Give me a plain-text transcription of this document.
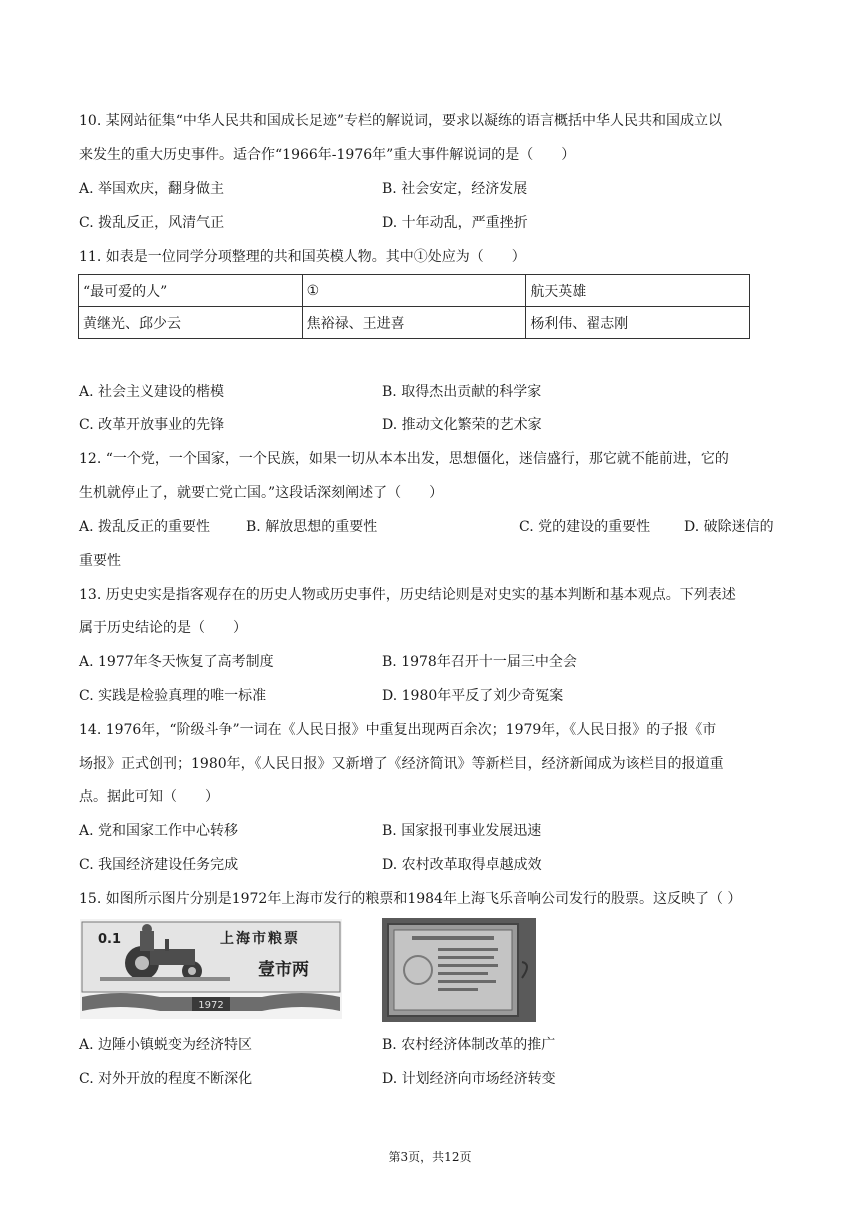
10. 某网站征集“中华人民共和国成长足迹”专栏的解说词，要求以凝练的语言概括中华人民共和国成立以
来发生的重大历史事件。适合作“1966年-1976年”重大事件解说词的是（　　）
A. 举国欢庆，翻身做主	B. 社会安定，经济发展
C. 拨乱反正，风清气正	D. 十年动乱，严重挫折
11. 如表是一位同学分项整理的共和国英模人物。其中①处应为（　　）
“最可爱的人”	①	航天英雄
黄继光、邱少云	焦裕禄、王进喜	杨利伟、翟志刚
A. 社会主义建设的楷模	B. 取得杰出贡献的科学家
C. 改革开放事业的先锋	D. 推动文化繁荣的艺术家
12. “一个党，一个国家，一个民族，如果一切从本本出发，思想僵化，迷信盛行，那它就不能前进，它的
生机就停止了，就要亡党亡国。”这段话深刻阐述了（　　）
A. 拨乱反正的重要性	B. 解放思想的重要性	C. 党的建设的重要性 D. 破除迷信的
重要性
13. 历史史实是指客观存在的历史人物或历史事件，历史结论则是对史实的基本判断和基本观点。下列表述
属于历史结论的是（　　）
A. 1977年冬天恢复了高考制度	B. 1978年召开十一届三中全会
C. 实践是检验真理的唯一标准	D. 1980年平反了刘少奇冤案
14. 1976年，“阶级斗争”一词在《人民日报》中重复出现两百余次；1979年，《人民日报》的子报《市
场报》正式创刊；1980年，《人民日报》又新增了《经济简讯》等新栏目，经济新闻成为该栏目的报道重
点。据此可知（　　）
A. 党和国家工作中心转移	B. 国家报刊事业发展迅速
C. 我国经济建设任务完成	D. 农村改革取得卓越成效
15. 如图所示图片分别是1972年上海市发行的粮票和1984年上海飞乐音响公司发行的股票。这反映了（ ）
0.1	上海市粮票
壹市两
1972
A. 边陲小镇蜕变为经济特区	B. 农村经济体制改革的推广
C. 对外开放的程度不断深化	D. 计划经济向市场经济转变
第3页，共12页
